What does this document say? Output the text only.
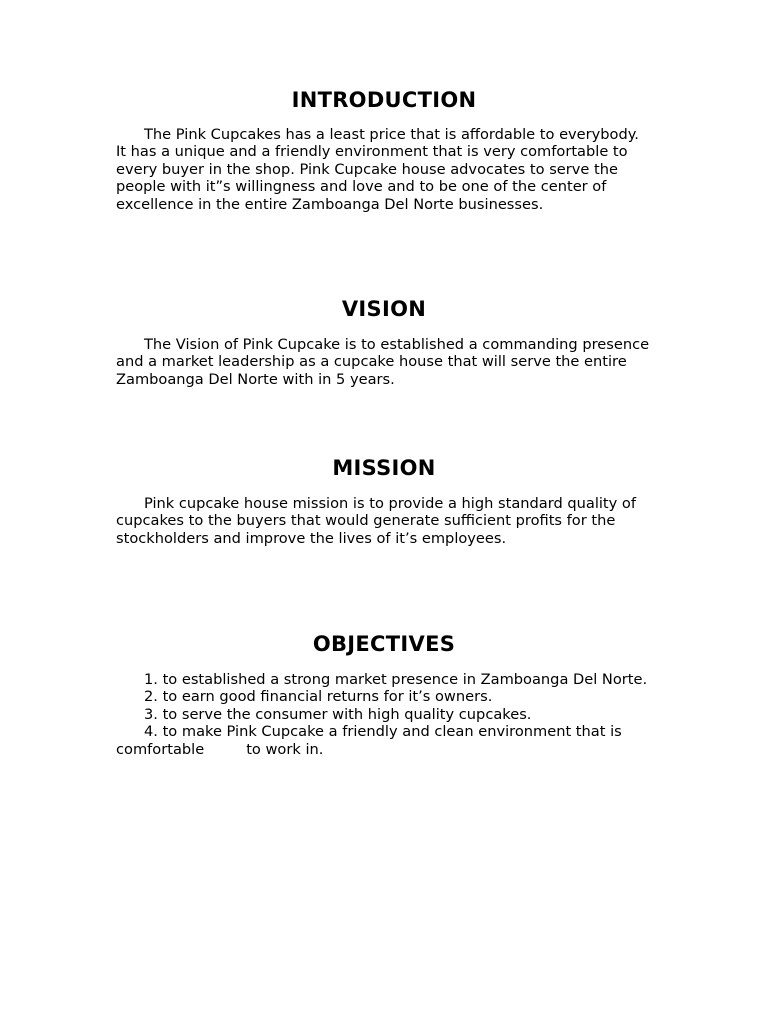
INTRODUCTION

The Pink Cupcakes has a least price that is affordable to everybody. It has a unique and a friendly environment that is very comfortable to every buyer in the shop. Pink Cupcake house advocates to serve the people with it”s willingness and love and to be one of the center of excellence in the entire Zamboanga Del Norte businesses.

VISION

The Vision of Pink Cupcake is to established a commanding presence and a market leadership as a cupcake house that will serve the entire Zamboanga Del Norte with in 5 years.

MISSION

Pink cupcake house mission is to provide a high standard quality of cupcakes to the buyers that would generate sufficient profits for the stockholders and improve the lives of it’s employees.

OBJECTIVES
1. to established a strong market presence in Zamboanga Del Norte.
2. to earn good financial returns for it’s owners.
3. to serve the consumer with high quality cupcakes.
4. to make Pink Cupcake a friendly and clean environment that is comfortable	to work in.
